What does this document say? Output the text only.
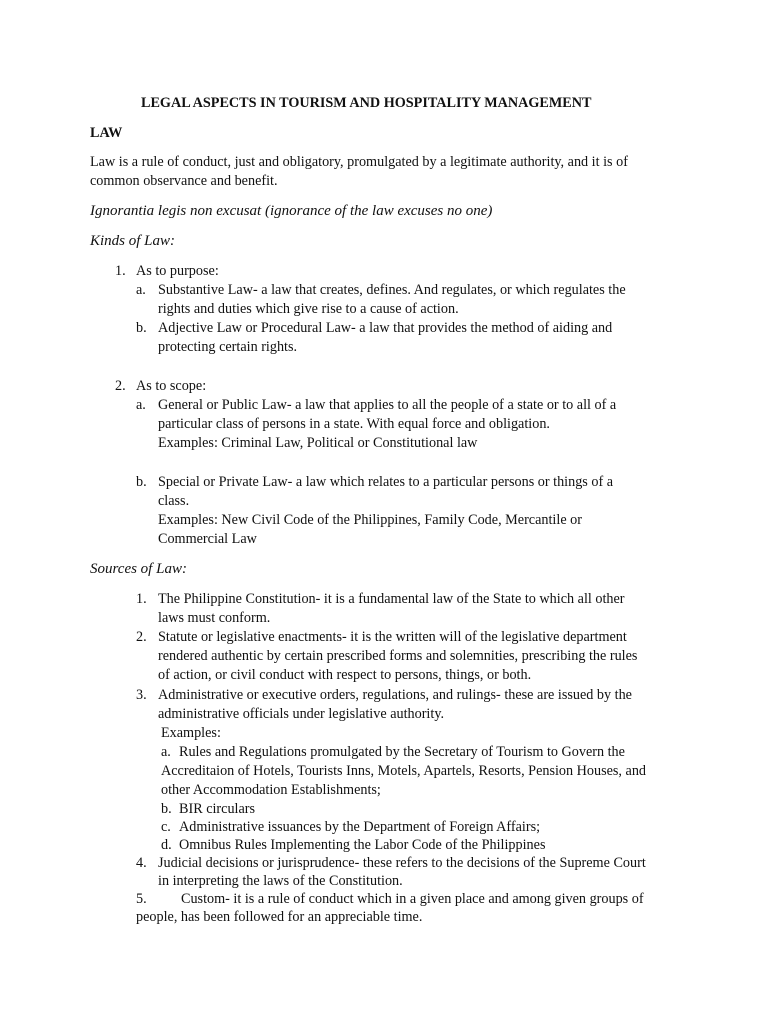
LEGAL ASPECTS IN TOURISM AND HOSPITALITY MANAGEMENT
LAW
Law is a rule of conduct, just and obligatory, promulgated by a legitimate authority, and it is of
common observance and benefit.
Ignorantia legis non excusat (ignorance of the law excuses no one)
Kinds of Law:
1. As to purpose:
a. Substantive Law- a law that creates, defines. And regulates, or which regulates the
rights and duties which give rise to a cause of action.
b. Adjective Law or Procedural Law- a law that provides the method of aiding and
protecting certain rights.
2. As to scope:
a. General or Public Law- a law that applies to all the people of a state or to all of a
particular class of persons in a state. With equal force and obligation.
Examples: Criminal Law, Political or Constitutional law
b. Special or Private Law- a law which relates to a particular persons or things of a
class.
Examples: New Civil Code of the Philippines, Family Code, Mercantile or
Commercial Law
Sources of Law:
1. The Philippine Constitution- it is a fundamental law of the State to which all other
laws must conform.
2. Statute or legislative enactments- it is the written will of the legislative department
rendered authentic by certain prescribed forms and solemnities, prescribing the rules
of action, or civil conduct with respect to persons, things, or both.
3. Administrative or executive orders, regulations, and rulings- these are issued by the
administrative officials under legislative authority.
Examples:
a. Rules and Regulations promulgated by the Secretary of Tourism to Govern the
Accreditaion of Hotels, Tourists Inns, Motels, Apartels, Resorts, Pension Houses, and
other Accommodation Establishments;
b. BIR circulars
c. Administrative issuances by the Department of Foreign Affairs;
d. Omnibus Rules Implementing the Labor Code of the Philippines
4. Judicial decisions or jurisprudence- these refers to the decisions of the Supreme Court
in interpreting the laws of the Constitution.
5. Custom- it is a rule of conduct which in a given place and among given groups of
people, has been followed for an appreciable time.
